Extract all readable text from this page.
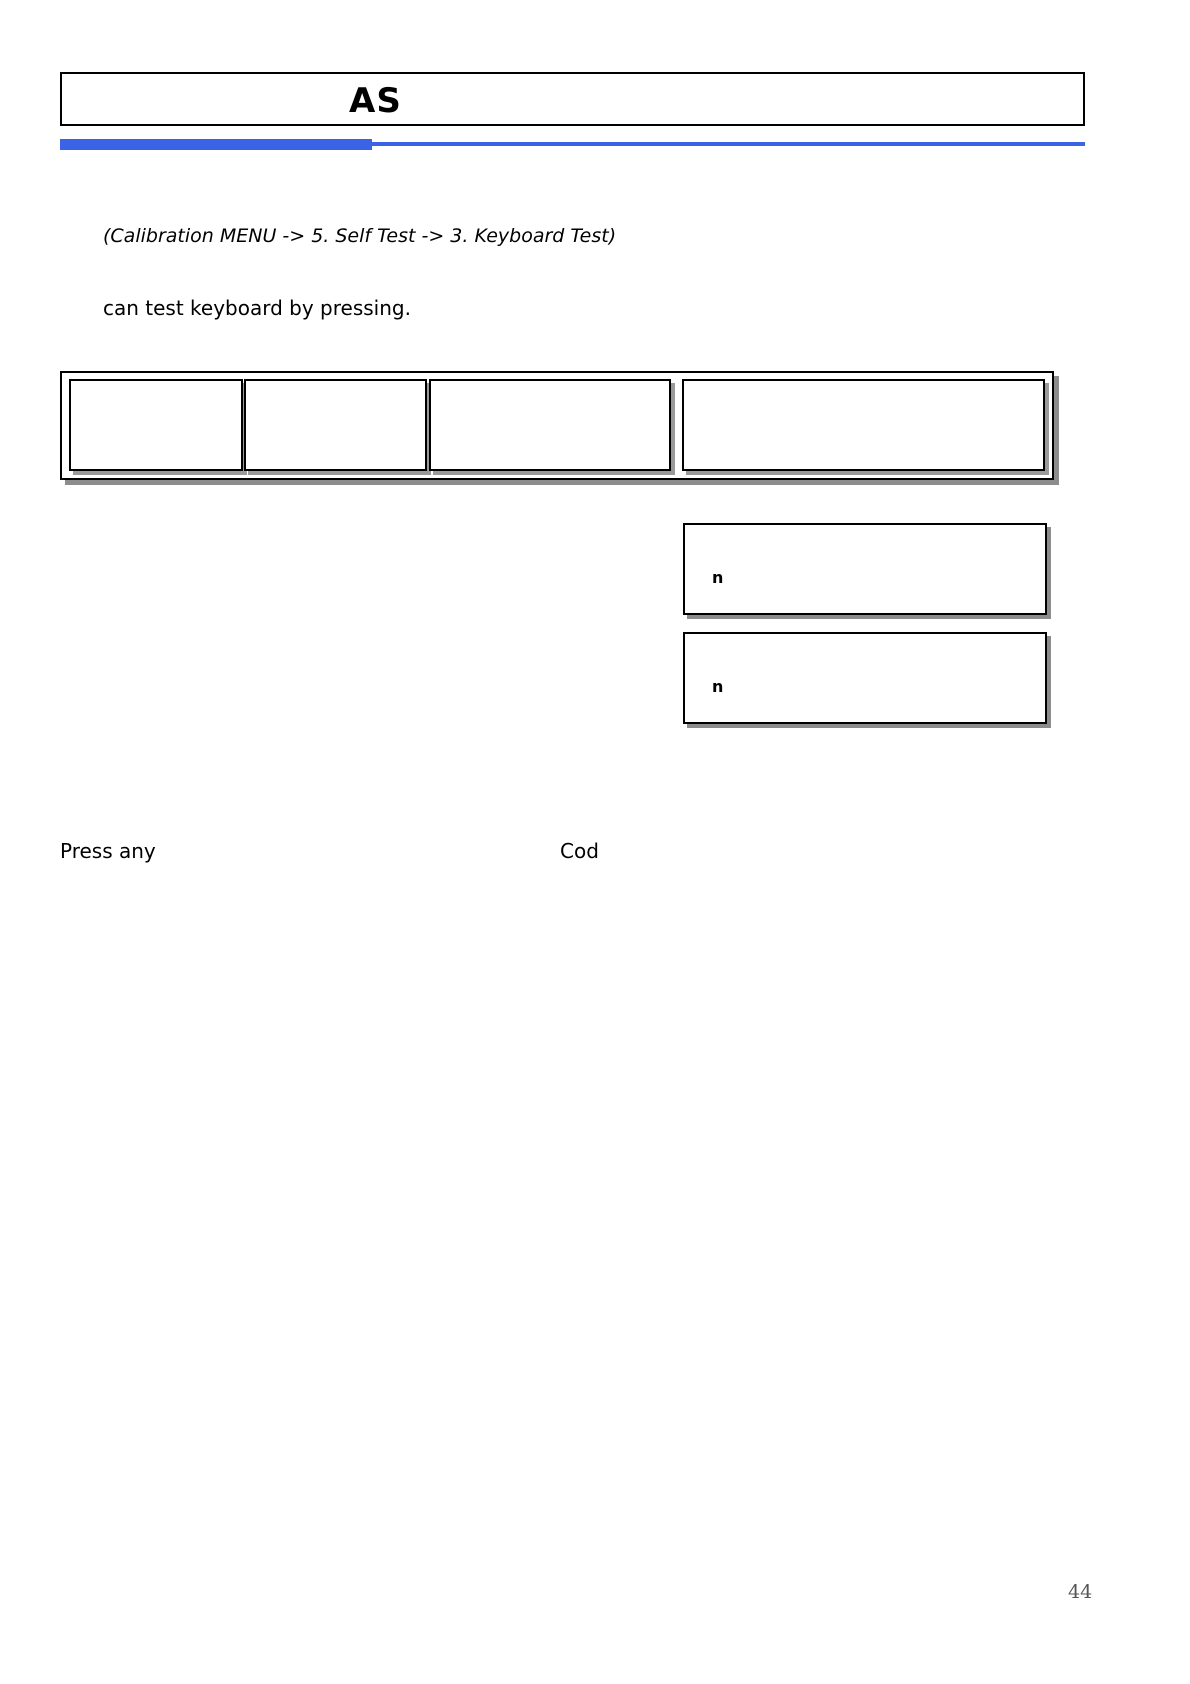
AS
(Calibration MENU -> 5. Self Test -> 3. Keyboard Test)
can test keyboard by pressing.
n
n
Press any	Cod
44
